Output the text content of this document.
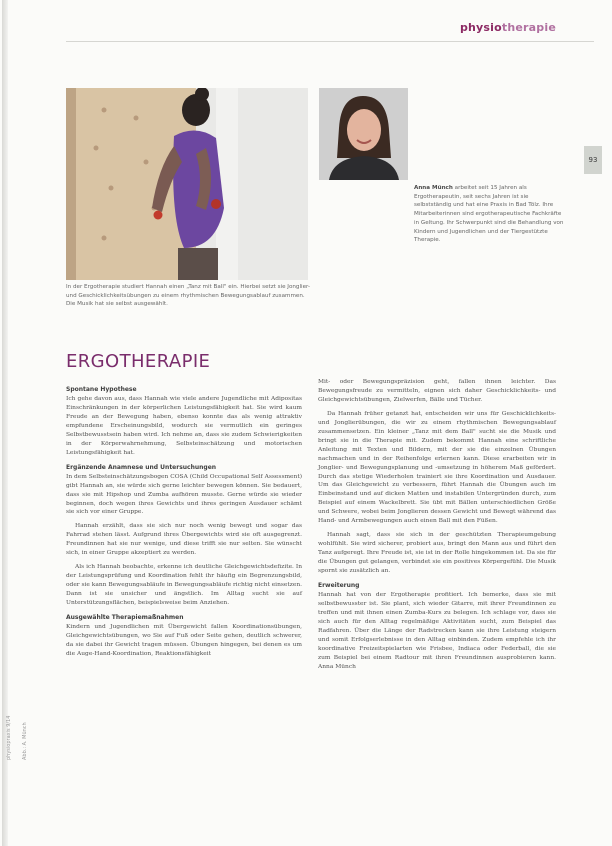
physiotherapie
93
In der Ergotherapie studiert Hannah einen „Tanz mit Ball" ein. Hierbei setzt sie Jonglier- und Geschicklichkeitsübungen zu einem rhythmischen Bewegungsablauf zusammen. Die Musik hat sie selbst ausgewählt.
Anna Münch arbeitet seit 15 Jahren als Ergotherapeutin, seit sechs Jahren ist sie selbstständig und hat eine Praxis in Bad Tölz. Ihre Mitarbeiterinnen sind ergotherapeutische Fachkräfte in Geltung. Ihr Schwerpunkt sind die Behandlung von Kindern und Jugendlichen und der Tiergestützte Therapie.
ERGOTHERAPIE
Spontane Hypothese

Ich gehe davon aus, dass Hannah wie viele andere Jugendliche mit Adipositas Einschränkungen in der körperlichen Leistungsfähigkeit hat. Sie wird kaum Freude an der Bewegung haben, ebenso konnte das als wenig attraktiv empfundene Erscheinungsbild, wodurch sie vermutlich ein geringes Selbstbewusstsein haben wird. Ich nehme an, dass sie zudem Schwierigkeiten in der Körperwahrnehmung, Selbsteinschätzung und motorischen Leistungsfähigkeit hat.

Ergänzende Anamnese und Untersuchungen

In dem Selbsteinschätzungsbogen COSA (Child Occupational Self Assessment) gibt Hannah an, sie würde sich gerne leichter bewegen können. Sie bedauert, dass sie mit Hipshop und Zumba aufhören musste. Gerne würde sie wieder beginnen, doch wegen ihres Gewichts und ihres geringen Ausdauer schämt sie sich vor einer Gruppe.

Hannah erzählt, dass sie sich nur noch wenig bewegt und sogar das Fahrrad stehen lässt. Aufgrund ihres Übergewichts wird sie oft ausgegrenzt. Freundinnen hat sie nur wenige, und diese trifft sie nur selten. Sie wünscht sich, in einer Gruppe akzeptiert zu werden.

Als ich Hannah beobachte, erkenne ich deutliche Gleichgewichtsdefizite. In der Leistungsprüfung und Koordination fehlt ihr häufig ein Begrenzungsbild, oder sie kann Bewegungsabläufe in Bewegungsabläufe richtig nicht einsetzen. Dann ist sie unsicher und ängstlich. Im Alltag sucht sie auf Unterstützungsflächen, beispielsweise beim Anziehen.

Ausgewählte Therapiemaßnahmen

Kindern und Jugendlichen mit Übergewicht fallen Koordinationsübungen, Gleichgewichtsübungen, wo Sie auf Fuß oder Seite gehen, deutlich schwerer, da sie dabei ihr Gewicht tragen müssen. Übungen hingegen, bei denen es um die Auge-Hand-Koordination, Reaktionsfähigkeit

Mit- oder Bewegungspräzision geht, fallen ihnen leichter. Das Bewegungsfreude zu vermitteln, eignen sich daher Geschicklichkeits- und Gleichgewichtsübungen, Zielwerfen, Bälle und Tücher.

Da Hannah früher getanzt hat, entscheiden wir uns für Geschicklichkeits- und Jonglierübungen, die wir zu einem rhythmischen Bewegungsablauf zusammensetzen. Ein kleiner „Tanz mit dem Ball" sucht sie die Musik und bringt sie in die Therapie mit. Zudem bekommt Hannah eine schriftliche Anleitung mit Texten und Bildern, mit der sie die einzelnen Übungen nachmachen und in der Reihenfolge erlernen kann. Diese erarbeiten wir in Jonglier- und Bewegungsplanung und -umsetzung in höherem Maß gefördert. Durch das stetige Wiederholen trainiert sie ihre Koordination und Ausdauer. Um das Gleichgewicht zu verbessern, führt Hannah die Übungen auch im Einbeinstand und auf dicken Matten und instabilen Untergründen durch, zum Beispiel auf einem Wackelbrett. Sie übt mit Bällen unterschiedlichen Größe und Schwere, wobei beim Jonglieren dessen Gewicht und Bewegt während das Hand- und Armbewegungen auch einen Ball mit den Füßen.

Hannah sagt, dass sie sich in der geschützten Therapieumgebung wohlfühlt. Sie wird sicherer, probiert aus, bringt den Mann aus und führt den Tanz aufgeregt. Ihre Freude ist, sie ist in der Rolle hingekommen ist. Da sie für die Übungen gut gelangen, verbindet sie ein positives Körpergefühl. Die Musik spornt sie zusätzlich an.

Erweiterung

Hannah hat von der Ergotherapie profitiert. Ich bemerke, dass sie mit selbstbewusster ist. Sie plant, sich wieder Gitarre, mit ihrer Freundinnen zu treffen und mit ihnen einen Zumba-Kurs zu belegen. Ich schlage vor, dass sie sich auch für den Alltag regelmäßige Aktivitäten sucht, zum Beispiel das Radfahren. Über die Länge der Radstrecken kann sie ihre Leistung steigern und somit Erfolgserlebnisse in den Alltag einbinden. Zudem empfehle ich ihr koordinative Freizeitspielarten wie Frisbee, Indiaca oder Federball, die sie zum Beispiel bei einem Radtour mit ihren Freundinnen ausprobieren kann. Anna Münch

physiopraxis 9/14 Abb.: A. Münch
